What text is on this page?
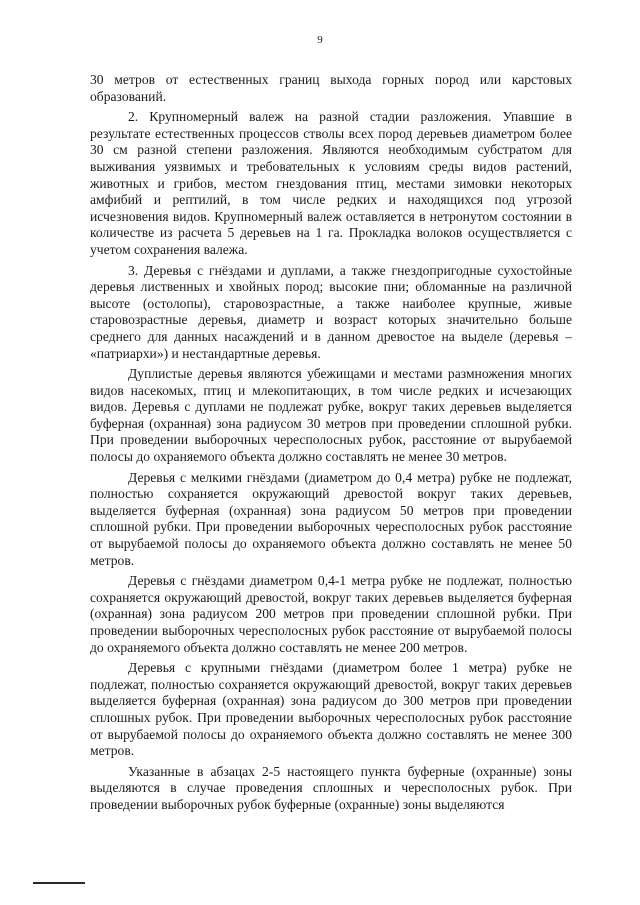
9

30 метров от естественных границ выхода горных пород или карстовых образований.

2. Крупномерный валеж на разной стадии разложения. Упавшие в результате естественных процессов стволы всех пород деревьев диаметром более 30 см разной степени разложения. Являются необходимым субстратом для выживания уязвимых и требовательных к условиям среды видов растений, животных и грибов, местом гнездования птиц, местами зимовки некоторых амфибий и рептилий, в том числе редких и находящихся под угрозой исчезновения видов. Крупномерный валеж оставляется в нетронутом состоянии в количестве из расчета 5 деревьев на 1 га. Прокладка волоков осуществляется с учетом сохранения валежа.

3. Деревья с гнёздами и дуплами, а также гнездопригодные сухостойные деревья лиственных и хвойных пород; высокие пни; обломанные на различной высоте (остолопы), старовозрастные, а также наиболее крупные, живые старовозрастные деревья, диаметр и возраст которых значительно больше среднего для данных насаждений и в данном древостое на выделе (деревья – «патриархи») и нестандартные деревья.

Дуплистые деревья являются убежищами и местами размножения многих видов насекомых, птиц и млекопитающих, в том числе редких и исчезающих видов. Деревья с дуплами не подлежат рубке, вокруг таких деревьев выделяется буферная (охранная) зона радиусом 30 метров при проведении сплошной рубки. При проведении выборочных чересполосных рубок, расстояние от вырубаемой полосы до охраняемого объекта должно составлять не менее 30 метров.

Деревья с мелкими гнёздами (диаметром до 0,4 метра) рубке не подлежат, полностью сохраняется окружающий древостой вокруг таких деревьев, выделяется буферная (охранная) зона радиусом 50 метров при проведении сплошной рубки. При проведении выборочных чересполосных рубок расстояние от вырубаемой полосы до охраняемого объекта должно составлять не менее 50 метров.

Деревья с гнёздами диаметром 0,4-1 метра рубке не подлежат, полностью сохраняется окружающий древостой, вокруг таких деревьев выделяется буферная (охранная) зона радиусом 200 метров при проведении сплошной рубки. При проведении выборочных чересполосных рубок расстояние от вырубаемой полосы до охраняемого объекта должно составлять не менее 200 метров.

Деревья с крупными гнёздами (диаметром более 1 метра) рубке не подлежат, полностью сохраняется окружающий древостой, вокруг таких деревьев выделяется буферная (охранная) зона радиусом до 300 метров при проведении сплошных рубок. При проведении выборочных чересполосных рубок расстояние от вырубаемой полосы до охраняемого объекта должно составлять не менее 300 метров.

Указанные в абзацах 2-5 настоящего пункта буферные (охранные) зоны выделяются в случае проведения сплошных и чересполосных рубок. При проведении выборочных рубок буферные (охранные) зоны выделяются
